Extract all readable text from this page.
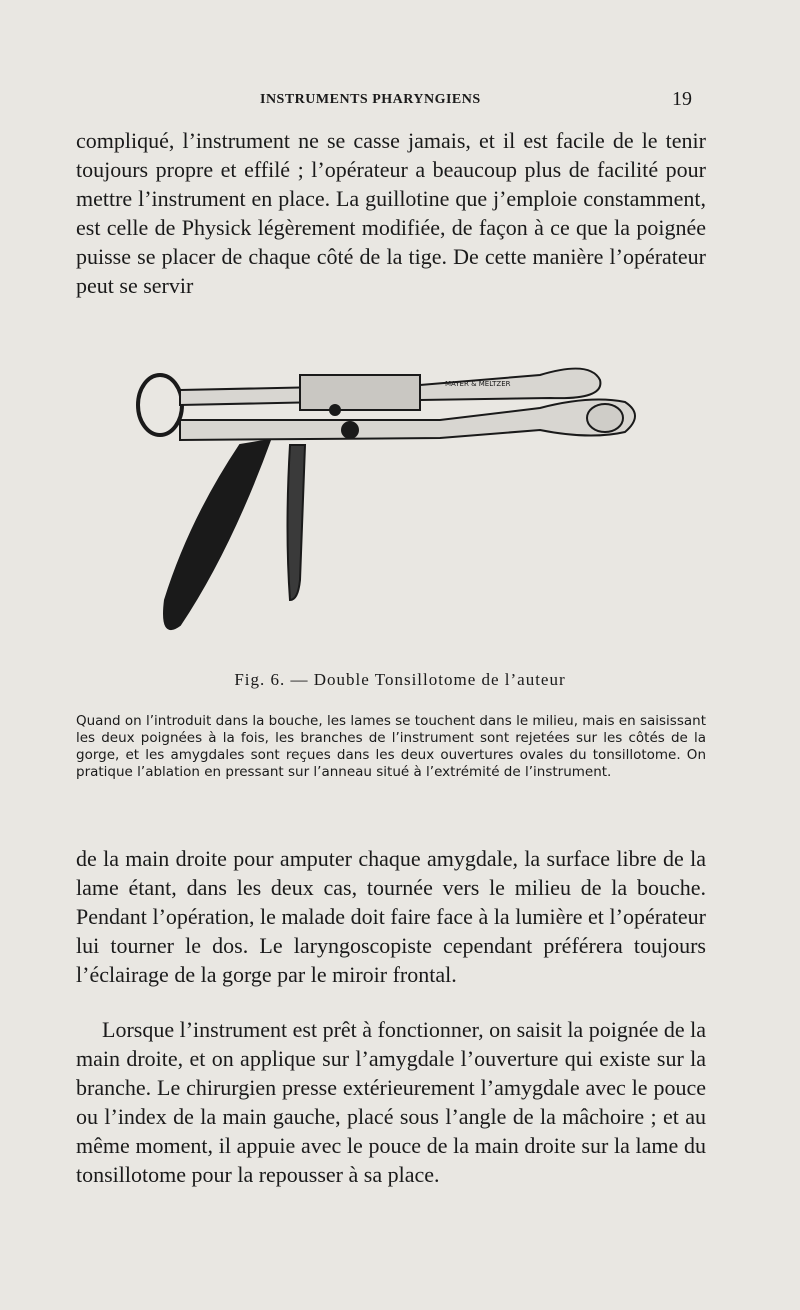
INSTRUMENTS PHARYNGIENS	19

compliqué, l’instrument ne se casse jamais, et il est facile de le tenir toujours propre et effilé ; l’opérateur a beaucoup plus de facilité pour mettre l’instrument en place. La guillotine que j’emploie constamment, est celle de Physick légèrement modifiée, de façon à ce que la poignée puisse se placer de chaque côté de la tige. De cette manière l’opérateur peut se servir

MAYER & MELTZER
Fig. 6. — Double Tonsillotome de l’auteur

Quand on l’introduit dans la bouche, les lames se touchent dans le milieu, mais en saisissant les deux poignées à la fois, les branches de l’instrument sont rejetées sur les côtés de la gorge, et les amygdales sont reçues dans les deux ouvertures ovales du tonsillotome. On pratique l’ablation en pressant sur l’anneau situé à l’extrémité de l’instrument.

de la main droite pour amputer chaque amygdale, la surface libre de la lame étant, dans les deux cas, tournée vers le milieu de la bouche. Pendant l’opération, le malade doit faire face à la lumière et l’opérateur lui tourner le dos. Le laryngoscopiste cependant préférera toujours l’éclairage de la gorge par le miroir frontal.

Lorsque l’instrument est prêt à fonctionner, on saisit la poignée de la main droite, et on applique sur l’amygdale l’ouverture qui existe sur la branche. Le chirurgien presse extérieurement l’amygdale avec le pouce ou l’index de la main gauche, placé sous l’angle de la mâchoire ; et au même moment, il appuie avec le pouce de la main droite sur la lame du tonsillotome pour la repousser à sa place.
